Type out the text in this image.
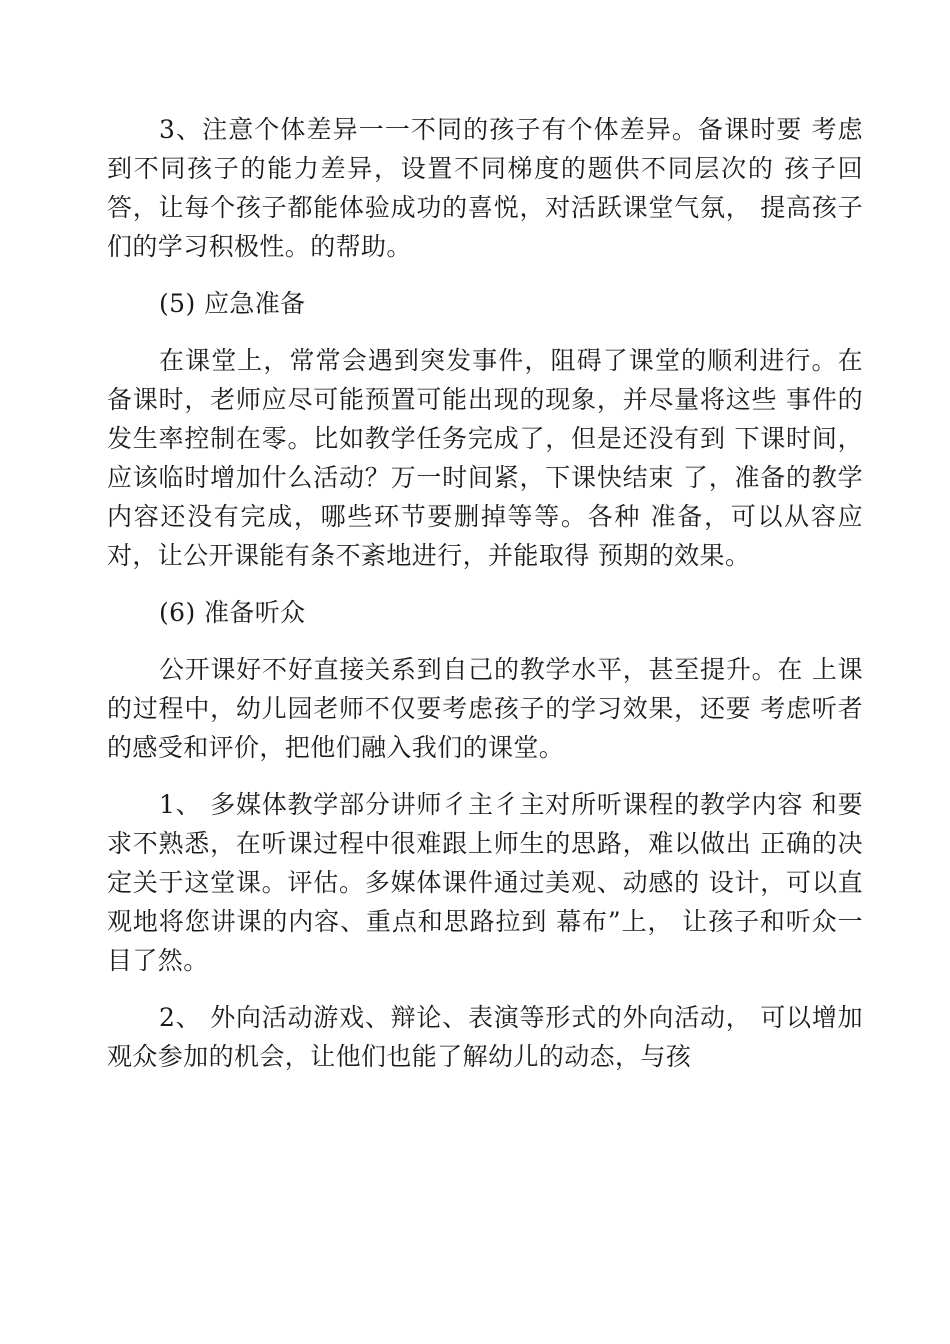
3、注意个体差异一一不同的孩子有个体差异。备课时要 考虑到不同孩子的能力差异，设置不同梯度的题供不同层次的 孩子回答，让每个孩子都能体验成功的喜悦，对活跃课堂气氛， 提高孩子们的学习积极性。的帮助。

(5) 应急准备

在课堂上，常常会遇到突发事件，阻碍了课堂的顺利进行。在备课时，老师应尽可能预置可能出现的现象，并尽量将这些 事件的发生率控制在零。比如教学任务完成了，但是还没有到 下课时间，应该临时增加什么活动？万一时间紧，下课快结束 了，准备的教学内容还没有完成，哪些环节要删掉等等。各种 准备，可以从容应对，让公开课能有条不紊地进行，并能取得 预期的效果。

(6) 准备听众

公开课好不好直接关系到自己的教学水平，甚至提升。在 上课的过程中，幼儿园老师不仅要考虑孩子的学习效果，还要 考虑听者的感受和评价，把他们融入我们的课堂。

1、 多媒体教学部分讲师彳主彳主对所听课程的教学内容 和要求不熟悉，在听课过程中很难跟上师生的思路，难以做出 正确的决定关于这堂课。评估。多媒体课件通过美观、动感的 设计，可以直观地将您讲课的内容、重点和思路拉到 幕布”上， 让孩子和听众一目了然。

2、 外向活动游戏、辩论、表演等形式的外向活动， 可以增加观众参加的机会，让他们也能了解幼儿的动态，与孩
